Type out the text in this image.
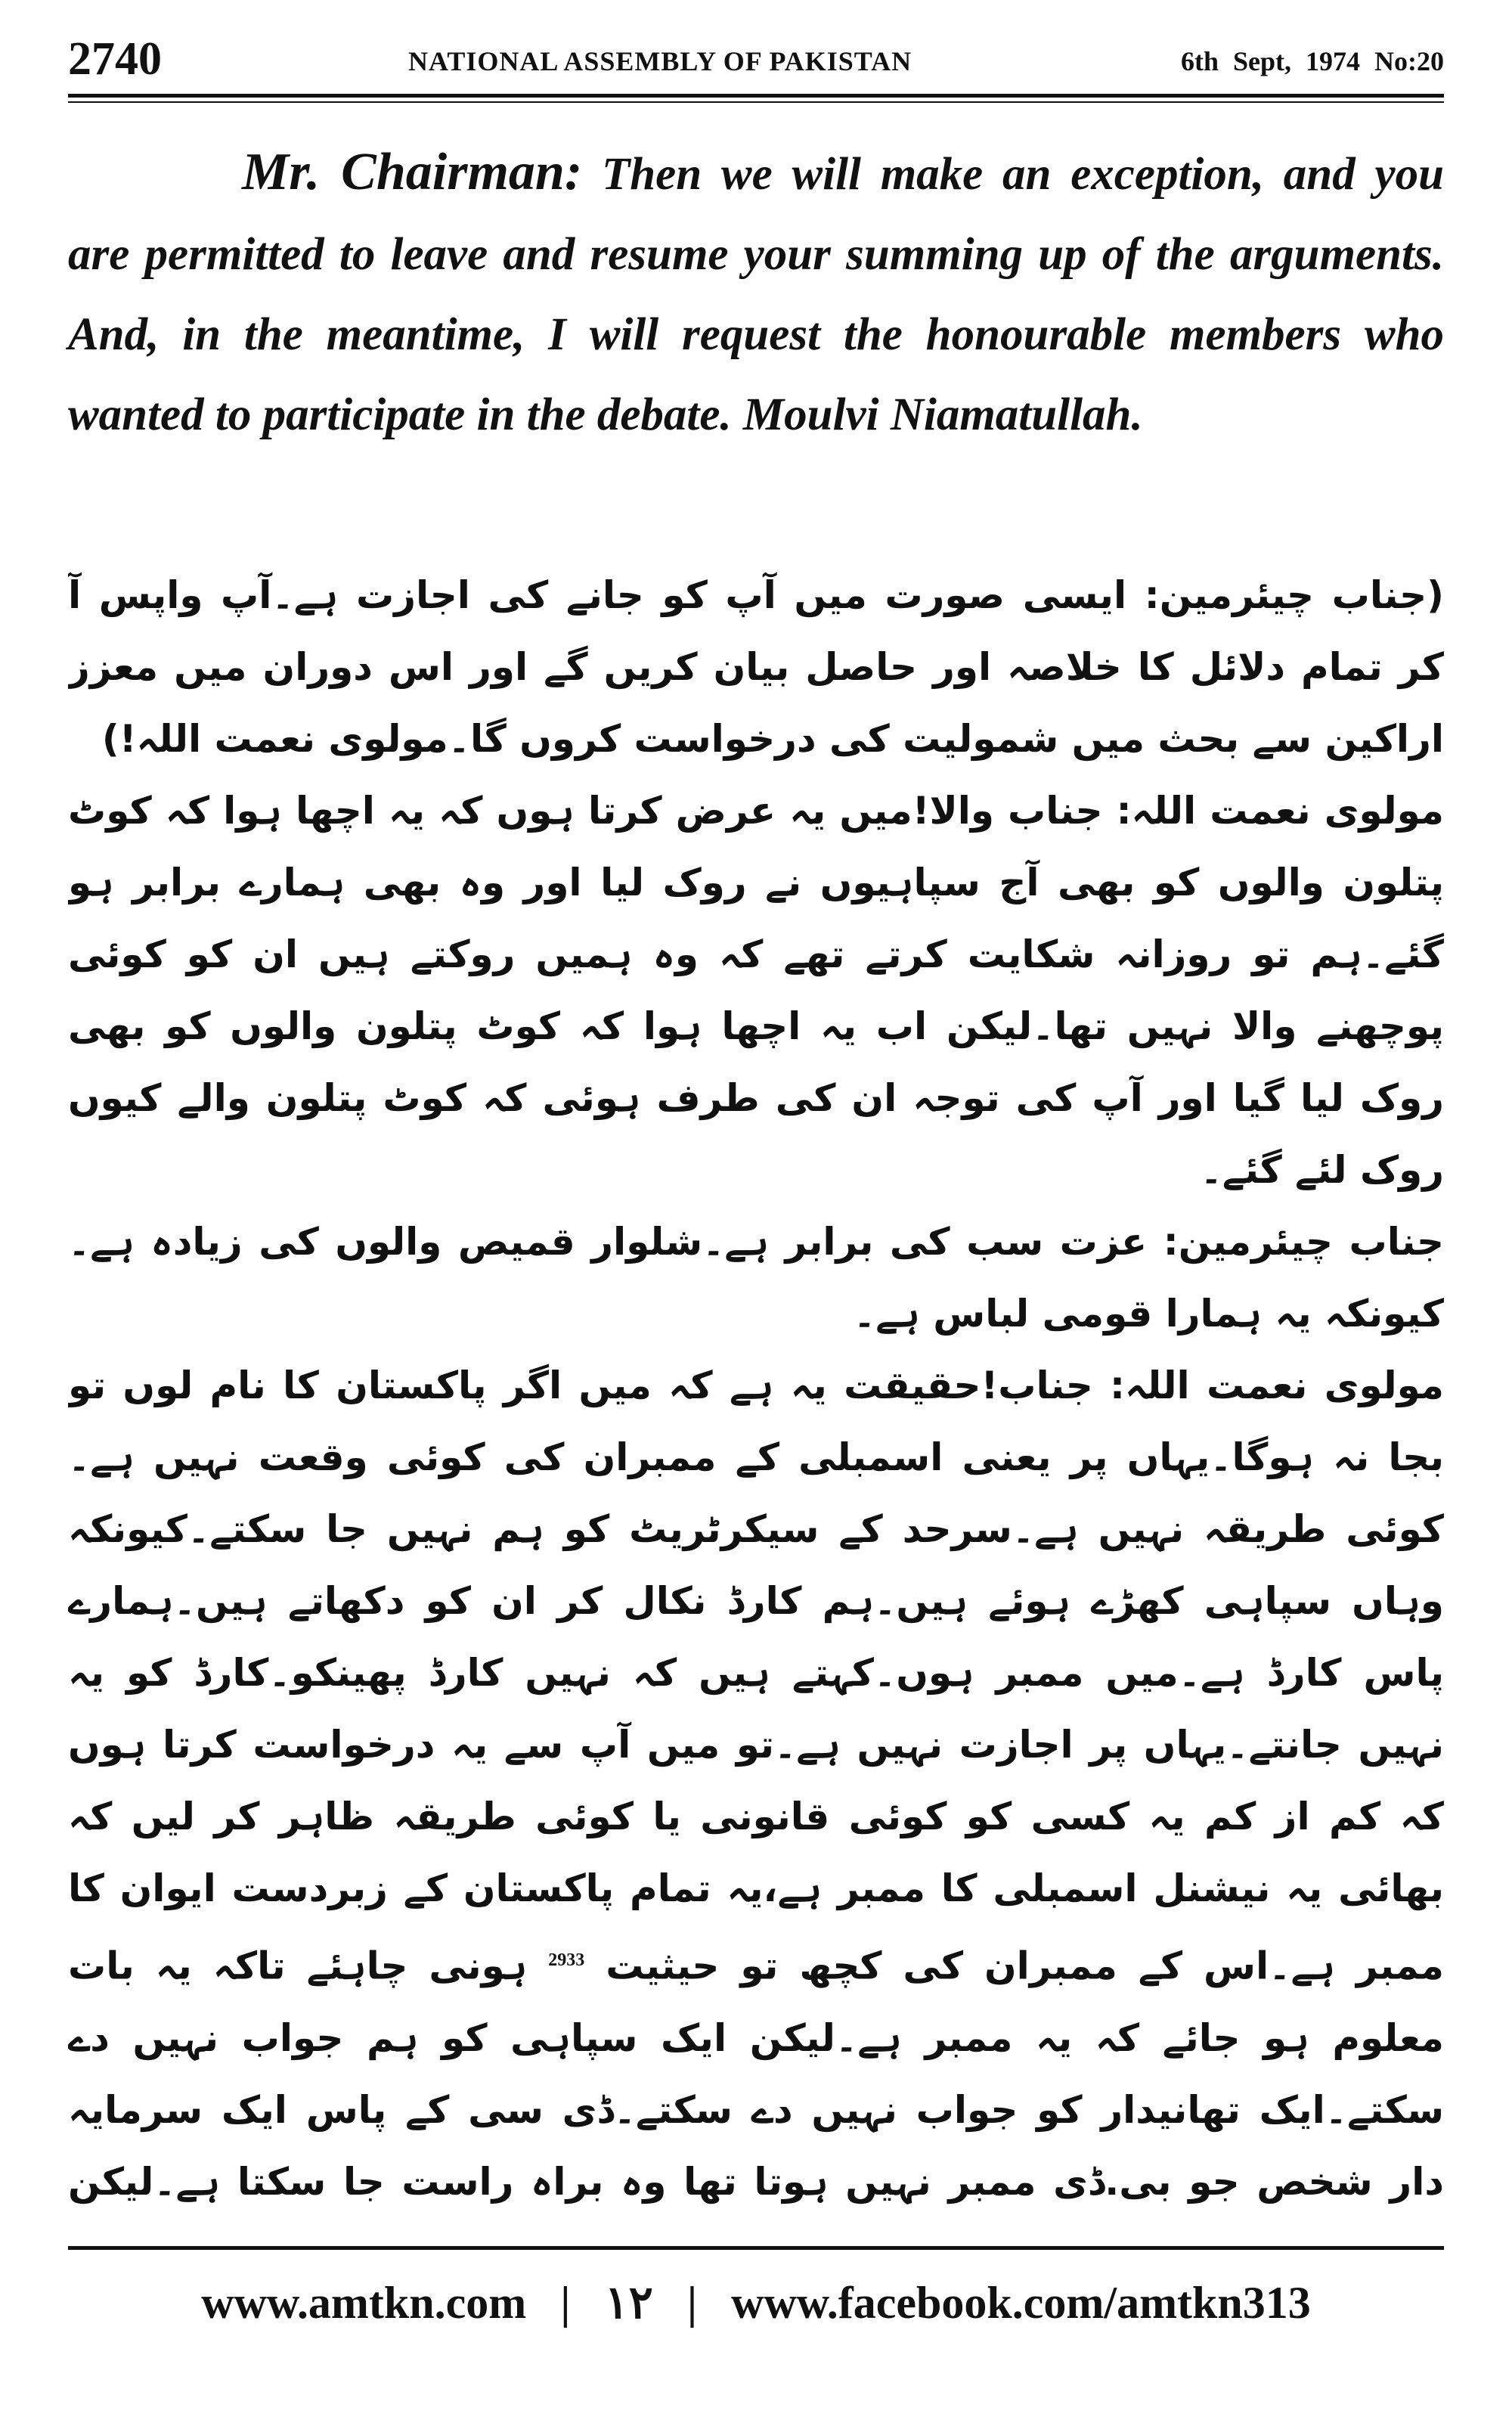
2740	NATIONAL ASSEMBLY OF PAKISTAN	6th Sept, 1974 No:20

Mr. Chairman: Then we will make an exception, and you are permitted to leave and resume your summing up of the arguments. And, in the meantime, I will request the honourable members who wanted to participate in the debate. Moulvi Niamatullah.

(جناب چیئرمین: ایسی صورت میں آپ کو جانے کی اجازت ہے۔آپ واپس آ کر تمام دلائل کا خلاصہ اور حاصل بیان کریں گے اور اس دوران میں معزز اراکین سے بحث میں شمولیت کی درخواست کروں گا۔مولوی نعمت اللہ!)

مولوی نعمت اللہ: جناب والا!میں یہ عرض کرتا ہوں کہ یہ اچھا ہوا کہ کوٹ پتلون والوں کو بھی آج سپاہیوں نے روک لیا اور وہ بھی ہمارے برابر ہو گئے۔ہم تو روزانہ شکایت کرتے تھے کہ وہ ہمیں روکتے ہیں ان کو کوئی پوچھنے والا نہیں تھا۔لیکن اب یہ اچھا ہوا کہ کوٹ پتلون والوں کو بھی روک لیا گیا اور آپ کی توجہ ان کی طرف ہوئی کہ کوٹ پتلون والے کیوں روک لئے گئے۔

جناب چیئرمین: عزت سب کی برابر ہے۔شلوار قمیص والوں کی زیادہ ہے۔کیونکہ یہ ہمارا قومی لباس ہے۔

مولوی نعمت اللہ: جناب!حقیقت یہ ہے کہ میں اگر پاکستان کا نام لوں تو بجا نہ ہوگا۔یہاں پر یعنی اسمبلی کے ممبران کی کوئی وقعت نہیں ہے۔کوئی طریقہ نہیں ہے۔سرحد کے سیکرٹریٹ کو ہم نہیں جا سکتے۔کیونکہ وہاں سپاہی کھڑے ہوئے ہیں۔ہم کارڈ نکال کر ان کو دکھاتے ہیں۔ہمارے پاس کارڈ ہے۔میں ممبر ہوں۔کہتے ہیں کہ نہیں کارڈ پھینکو۔کارڈ کو یہ نہیں جانتے۔یہاں پر اجازت نہیں ہے۔تو میں آپ سے یہ درخواست کرتا ہوں کہ کم از کم یہ کسی کو کوئی قانونی یا کوئی طریقہ ظاہر کر لیں کہ بھائی یہ نیشنل اسمبلی کا ممبر ہے،یہ تمام پاکستان کے زبردست ایوان کا ممبر ہے۔اس کے ممبران کی کچھ تو حیثیت $^{2933}$ ہونی چاہئے تاکہ یہ بات معلوم ہو جائے کہ یہ ممبر ہے۔لیکن ایک سپاہی کو ہم جواب نہیں دے سکتے۔ایک تھانیدار کو جواب نہیں دے سکتے۔ڈی سی کے پاس ایک سرمایہ دار شخص جو بی.ڈی ممبر نہیں ہوتا تھا وہ براہ راست جا سکتا ہے۔لیکن

www.amtkn.com | ۱۲ | www.facebook.com/amtkn313
